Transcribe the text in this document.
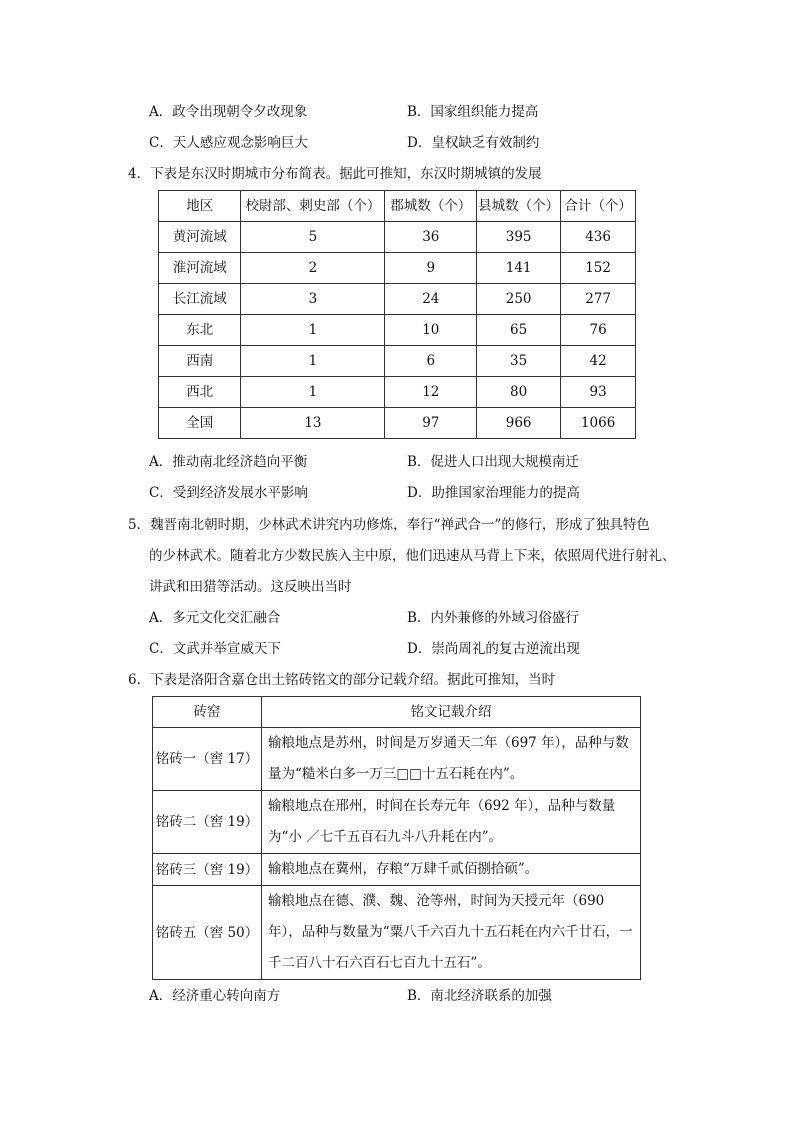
A．政令出现朝令夕改现象	B．国家组织能力提高
C．天人感应观念影响巨大	D．皇权缺乏有效制约
4．下表是东汉时期城市分布简表。据此可推知，东汉时期城镇的发展
地区	校尉部、刺史部（个）	郡城数（个）	县城数（个）	合计（个）
黄河流域	5	36	395	436
淮河流域	2	9	141	152
长江流域	3	24	250	277
东北	1	10	65	76
西南	1	6	35	42
西北	1	12	80	93
全国	13	97	966	1066
A．推动南北经济趋向平衡	B．促进人口出现大规模南迁
C．受到经济发展水平影响	D．助推国家治理能力的提高
5．魏晋南北朝时期，少林武术讲究内功修炼，奉行“禅武合一”的修行，形成了独具特色
的少林武术。随着北方少数民族入主中原，他们迅速从马背上下来，依照周代进行射礼、
讲武和田猎等活动。这反映出当时
A．多元文化交汇融合	B．内外兼修的外域习俗盛行
C．文武并举宣威天下	D．崇尚周礼的复古逆流出现
6．下表是洛阳含嘉仓出土铭砖铭文的部分记载介绍。据此可推知，当时
砖窑	铭文记载介绍
铭砖一（窖 17）	输粮地点是苏州，时间是万岁通天二年（697 年），品种与数量为“糙米白多一万三□□十五石耗在内”。
铭砖二（窖 19）	输粮地点在邢州，时间在长寿元年（692 年），品种与数量为“小 ／七千五百石九斗八升耗在内”。
铭砖三（窖 19）	输粮地点在冀州，存粮“万肆千贰佰捌拾硕”。
铭砖五（窖 50）	输粮地点在德、濮、魏、沧等州，时间为天授元年（690 年），品种与数量为“粟八千六百九十五石耗在内六千廿石，一千二百八十石六百石七百九十五石”。
A．经济重心转向南方	B．南北经济联系的加强
